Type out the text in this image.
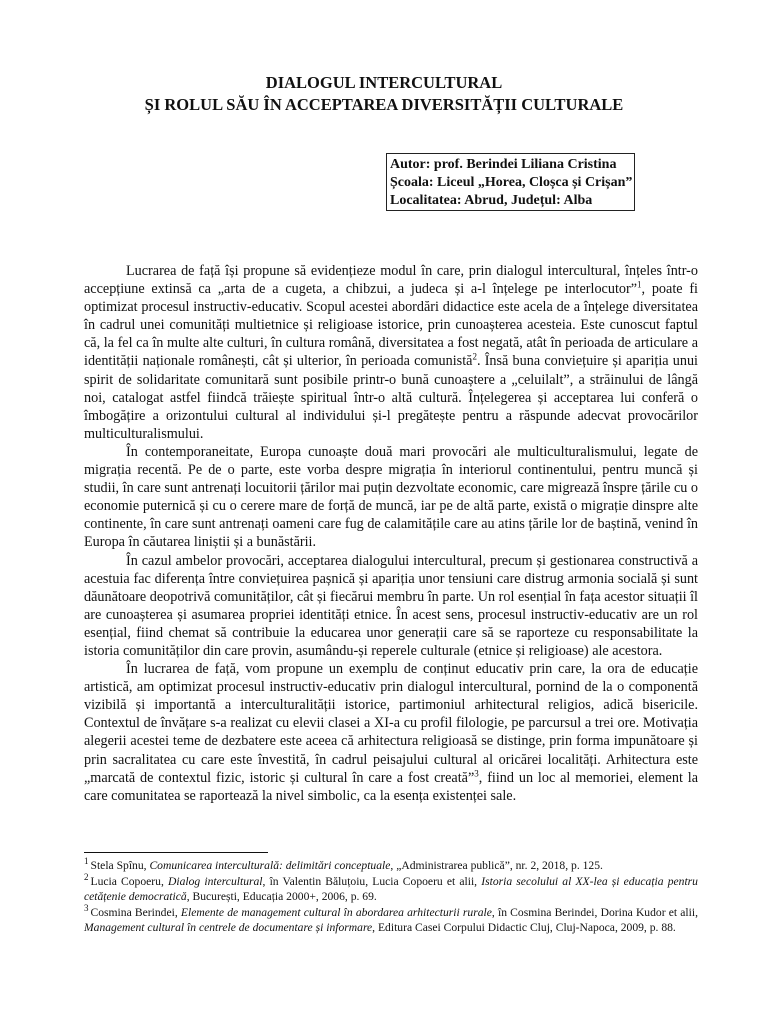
DIALOGUL INTERCULTURAL
ȘI ROLUL SĂU ÎN ACCEPTAREA DIVERSITĂȚII CULTURALE
Autor: prof. Berindei Liliana Cristina
Școala: Liceul „Horea, Cloșca și Crișan”
Localitatea: Abrud, Județul: Alba

Lucrarea de față își propune să evidențieze modul în care, prin dialogul intercultural, înțeles într-o accepțiune extinsă ca „arta de a cugeta, a chibzui, a judeca și a-l înțelege pe interlocutor”$^1$, poate fi optimizat procesul instructiv-educativ. Scopul acestei abordări didactice este acela de a înțelege diversitatea în cadrul unei comunități multietnice și religioase istorice, prin cunoașterea acesteia. Este cunoscut faptul că, la fel ca în multe alte culturi, în cultura română, diversitatea a fost negată, atât în perioada de articulare a identității naționale românești, cât și ulterior, în perioada comunistă$^2$. Însă buna conviețuire și apariția unui spirit de solidaritate comunitară sunt posibile printr-o bună cunoaștere a „celuilalt”, a străinului de lângă noi, catalogat astfel fiindcă trăiește spiritual într-o altă cultură. Înțelegerea și acceptarea lui conferă o îmbogățire a orizontului cultural al individului și-l pregătește pentru a răspunde adecvat provocărilor multiculturalismului.

În contemporaneitate, Europa cunoaște două mari provocări ale multiculturalismului, legate de migrația recentă. Pe de o parte, este vorba despre migrația în interiorul continentului, pentru muncă și studii, în care sunt antrenați locuitorii țărilor mai puțin dezvoltate economic, care migrează înspre țările cu o economie puternică și cu o cerere mare de forță de muncă, iar pe de altă parte, există o migrație dinspre alte continente, în care sunt antrenați oameni care fug de calamitățile care au atins țările lor de baștină, venind în Europa în căutarea liniștii și a bunăstării.

În cazul ambelor provocări, acceptarea dialogului intercultural, precum și gestionarea constructivă a acestuia fac diferența între conviețuirea pașnică și apariția unor tensiuni care distrug armonia socială și sunt dăunătoare deopotrivă comunităților, cât și fiecărui membru în parte. Un rol esențial în fața acestor situații îl are cunoașterea și asumarea propriei identități etnice. În acest sens, procesul instructiv-educativ are un rol esențial, fiind chemat să contribuie la educarea unor generații care să se raporteze cu responsabilitate la istoria comunităților din care provin, asumându-și reperele culturale (etnice și religioase) ale acestora.

În lucrarea de față, vom propune un exemplu de conținut educativ prin care, la ora de educație artistică, am optimizat procesul instructiv-educativ prin dialogul intercultural, pornind de la o componentă vizibilă și importantă a interculturalității istorice, partimoniul arhitectural religios, adică bisericile. Contextul de învățare s-a realizat cu elevii clasei a XI-a cu profil filologie, pe parcursul a trei ore. Motivația alegerii acestei teme de dezbatere este aceea că arhitectura religioasă se distinge, prin forma impunătoare și prin sacralitatea cu care este învestită, în cadrul peisajului cultural al oricărei localități. Arhitectura este „marcată de contextul fizic, istoric și cultural în care a fost creată”$^3$, fiind un loc al memoriei, element la care comunitatea se raportează la nivel simbolic, ca la esența existenței sale.

$^1$ Stela Spînu, Comunicarea interculturală: delimitări conceptuale, „Administrarea publică”, nr. 2, 2018, p. 125.

$^2$ Lucia Copoeru, Dialog intercultural, în Valentin Băluțoiu, Lucia Copoeru et alii, Istoria secolului al XX-lea și educația pentru cetățenie democratică, București, Educația 2000+, 2006, p. 69.

$^3$ Cosmina Berindei, Elemente de management cultural în abordarea arhitecturii rurale, în Cosmina Berindei, Dorina Kudor et alii, Management cultural în centrele de documentare și informare, Editura Casei Corpului Didactic Cluj, Cluj-Napoca, 2009, p. 88.
